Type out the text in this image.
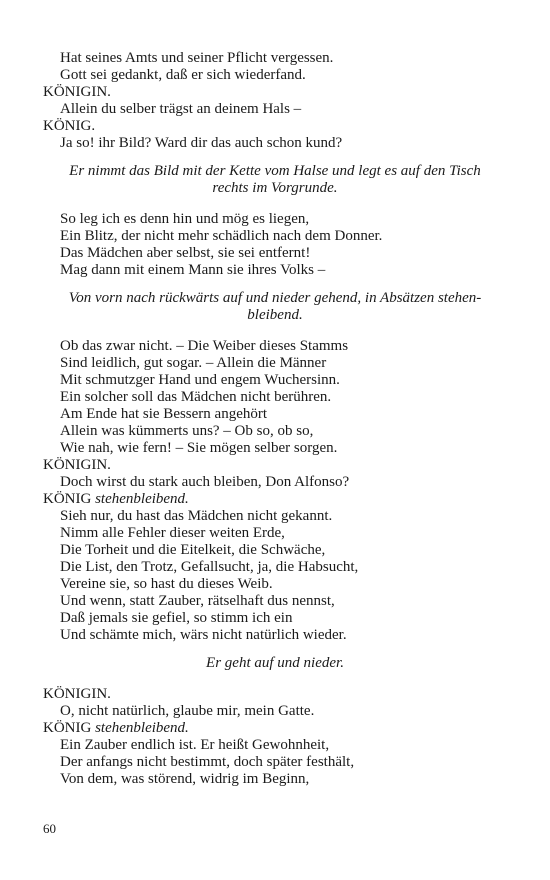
Hat seines Amts und seiner Pflicht vergessen.
Gott sei gedankt, daß er sich wiederfand.
KÖNIGIN.
Allein du selber trägst an deinem Hals –
KÖNIG.
Ja so! ihr Bild? Ward dir das auch schon kund?
Er nimmt das Bild mit der Kette vom Halse und legt es auf den Tisch
rechts im Vorgrunde.
So leg ich es denn hin und mög es liegen,
Ein Blitz, der nicht mehr schädlich nach dem Donner.
Das Mädchen aber selbst, sie sei entfernt!
Mag dann mit einem Mann sie ihres Volks –
Von vorn nach rückwärts auf und nieder gehend, in Absätzen stehen-
bleibend.
Ob das zwar nicht. – Die Weiber dieses Stamms
Sind leidlich, gut sogar. – Allein die Männer
Mit schmutzger Hand und engem Wuchersinn.
Ein solcher soll das Mädchen nicht berühren.
Am Ende hat sie Bessern angehört
Allein was kümmerts uns? – Ob so, ob so,
Wie nah, wie fern! – Sie mögen selber sorgen.
KÖNIGIN.
Doch wirst du stark auch bleiben, Don Alfonso?
KÖNIG stehenbleibend.
Sieh nur, du hast das Mädchen nicht gekannt.
Nimm alle Fehler dieser weiten Erde,
Die Torheit und die Eitelkeit, die Schwäche,
Die List, den Trotz, Gefallsucht, ja, die Habsucht,
Vereine sie, so hast du dieses Weib.
Und wenn, statt Zauber, rätselhaft dus nennst,
Daß jemals sie gefiel, so stimm ich ein
Und schämte mich, wärs nicht natürlich wieder.
Er geht auf und nieder.
KÖNIGIN.
O, nicht natürlich, glaube mir, mein Gatte.
KÖNIG stehenbleibend.
Ein Zauber endlich ist. Er heißt Gewohnheit,
Der anfangs nicht bestimmt, doch später festhält,
Von dem, was störend, widrig im Beginn,
60
